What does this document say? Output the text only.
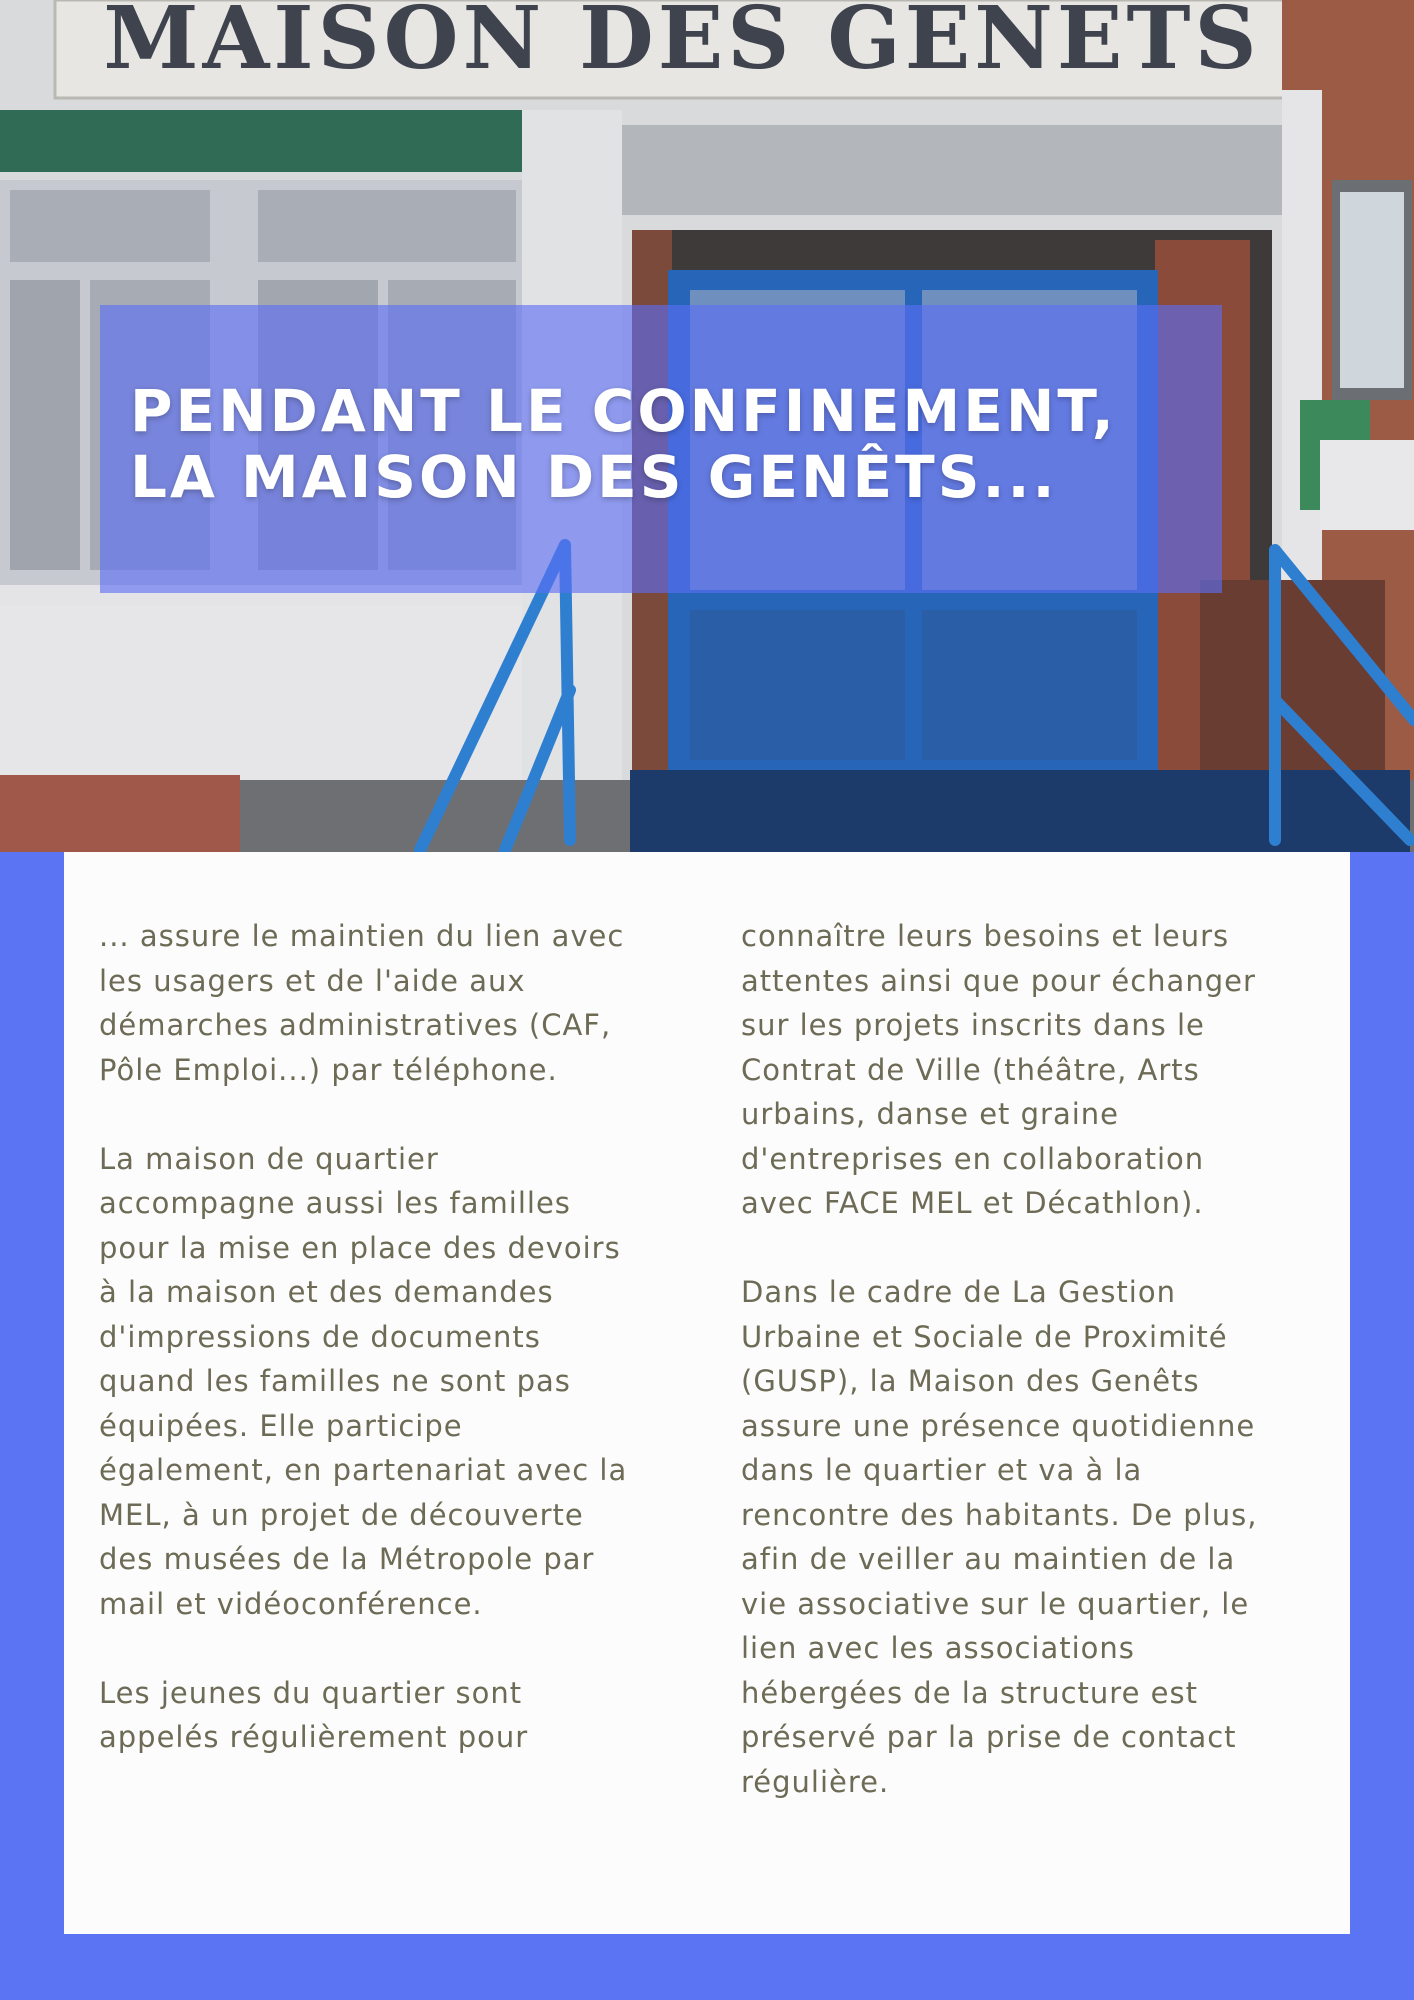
MAISON DES GENETS
PENDANT LE CONFINEMENT,
LA MAISON DES GENÊTS...

... assure le maintien du lien avec
les usagers et de l'aide aux
démarches administratives (CAF,
Pôle Emploi...) par téléphone.

La maison de quartier
accompagne aussi les familles
pour la mise en place des devoirs
à la maison et des demandes
d'impressions de documents
quand les familles ne sont pas
équipées. Elle participe
également, en partenariat avec la
MEL, à un projet de découverte
des musées de la Métropole par
mail et vidéoconférence.

Les jeunes du quartier sont
appelés régulièrement pour

connaître leurs besoins et leurs
attentes ainsi que pour échanger
sur les projets inscrits dans le
Contrat de Ville (théâtre, Arts
urbains, danse et graine
d'entreprises en collaboration
avec FACE MEL et Décathlon).

Dans le cadre de La Gestion
Urbaine et Sociale de Proximité
(GUSP), la Maison des Genêts
assure une présence quotidienne
dans le quartier et va à la
rencontre des habitants. De plus,
afin de veiller au maintien de la
vie associative sur le quartier, le
lien avec les associations
hébergées de la structure est
préservé par la prise de contact
régulière.
